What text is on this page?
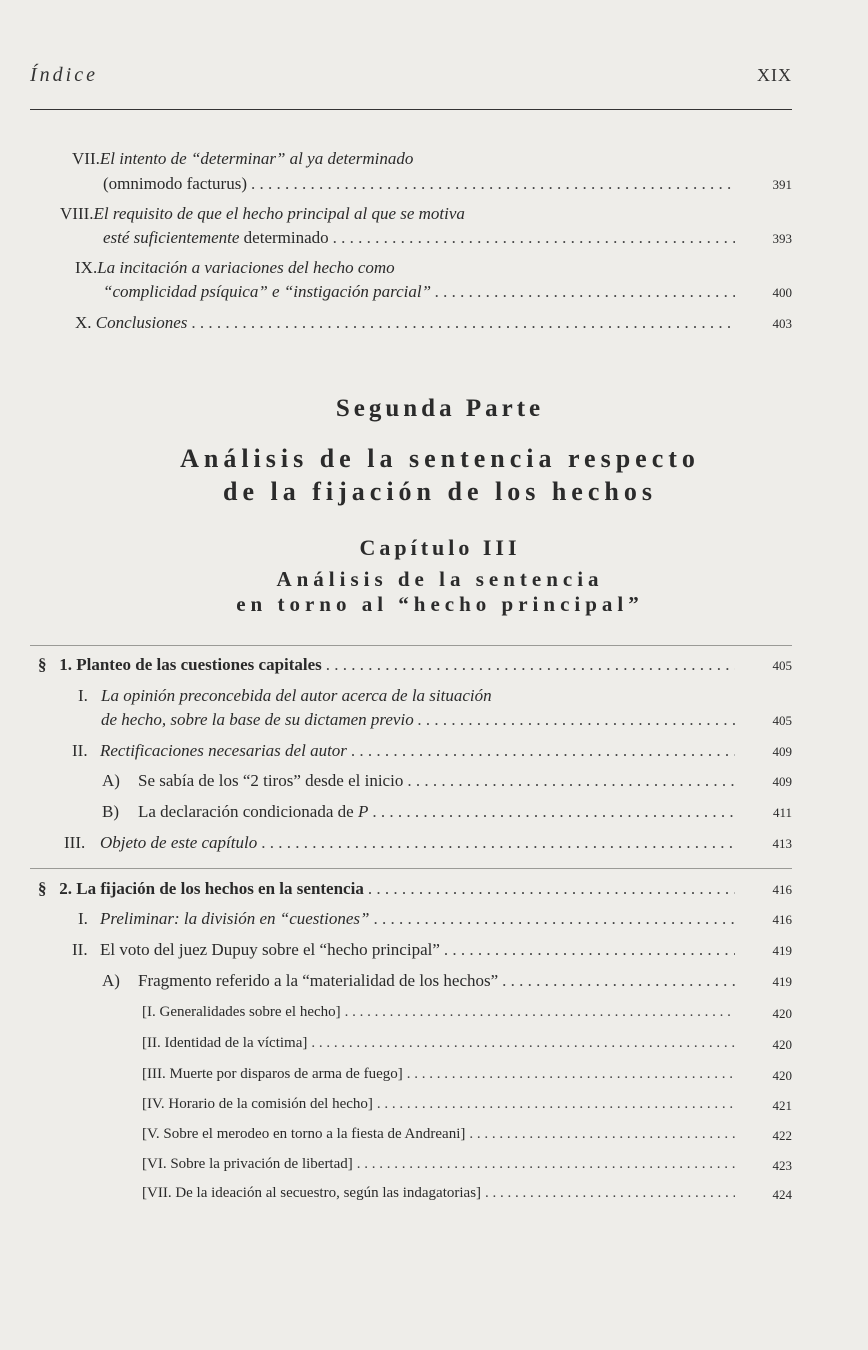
Índice	XIX
VII.El intento de “determinar” al ya determinado
(omnimodo facturus) . . .	391
VIII.El requisito de que el hecho principal al que se motiva
esté suficientemente determinado . . .	393
IX.La incitación a variaciones del hecho como
“complicidad psíquica” e “instigación parcial” . . .	400
X. Conclusiones . . .	403
Segunda Parte
Análisis de la sentencia respecto
de la fijación de los hechos
Capítulo III
Análisis de la sentencia
en torno al “hecho principal”
§ 1. Planteo de las cuestiones capitales . . .	405
I. La opinión preconcebida del autor acerca de la situación
de hecho, sobre la base de su dictamen previo . . .	405
II. Rectificaciones necesarias del autor . . .	409
A) Se sabía de los “2 tiros” desde el inicio . . .	409
B) La declaración condicionada de P . . .	411
III. Objeto de este capítulo . . .	413
§ 2. La fijación de los hechos en la sentencia . . .	416
I. Preliminar: la división en “cuestiones” . . .	416
II. El voto del juez Dupuy sobre el “hecho principal” . . .	419
A) Fragmento referido a la “materialidad de los hechos” . . .	419
[I. Generalidades sobre el hecho] . . .	420
[II. Identidad de la víctima] . . .	420
[III. Muerte por disparos de arma de fuego] . . .	420
[IV. Horario de la comisión del hecho] . . .	421
[V. Sobre el merodeo en torno a la fiesta de Andreani] . . .	422
[VI. Sobre la privación de libertad] . . .	423
[VII. De la ideación al secuestro, según las indagatorias] . . .	424
